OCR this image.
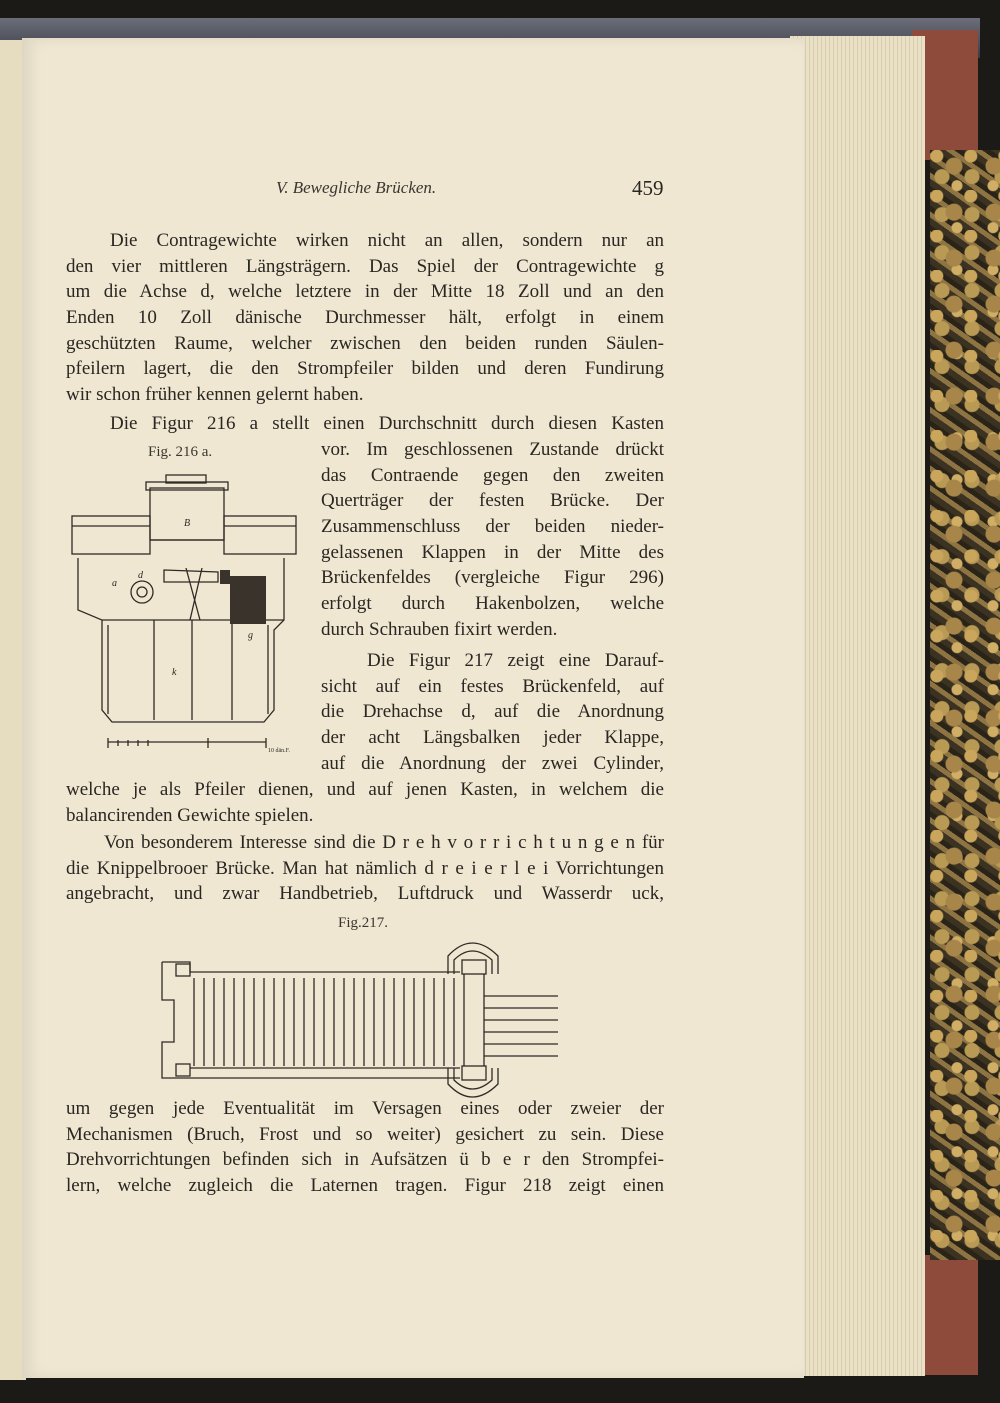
V. Bewegliche Brücken.	459
Die Contragewichte wirken nicht an allen, sondern nur an
den vier mittleren Längsträgern. Das Spiel der Contragewichte g
um die Achse d, welche letztere in der Mitte 18 Zoll und an den
Enden 10 Zoll dänische Durchmesser hält, erfolgt in einem
geschützten Raume, welcher zwischen den beiden runden Säulen-
pfeilern lagert, die den Strompfeiler bilden und deren Fundirung
wir schon früher kennen gelernt haben.
Die Figur 216 a stellt einen Durchschnitt durch diesen Kasten
Fig. 216 a.	vor. Im geschlossenen Zustande drückt
das Contraende gegen den zweiten
Querträger der festen Brücke. Der
Zusammenschluss der beiden nieder-
gelassenen Klappen in der Mitte des
Brückenfeldes (vergleiche Figur 296)
erfolgt durch Hakenbolzen, welche
durch Schrauben fixirt werden.
Die Figur 217 zeigt eine Darauf-
sicht auf ein festes Brückenfeld, auf
die Drehachse d, auf die Anordnung
der acht Längsbalken jeder Klappe,
auf die Anordnung der zwei Cylinder,
welche je als Pfeiler dienen, und auf jenen Kasten, in welchem die
balancirenden Gewichte spielen.
Von besonderem Interesse sind die D r e h v o r r i c h t u n g e n für
die Knippelbrooer Brücke. Man hat nämlich d r e i e r l e i Vorrichtungen
angebracht, und zwar Handbetrieb, Luftdruck und Wasserdr uck,
Fig.217.
um gegen jede Eventualität im Versagen eines oder zweier der
Mechanismen (Bruch, Frost und so weiter) gesichert zu sein. Diese
Drehvorrichtungen befinden sich in Aufsätzen ü b e r den Strompfei-
lern, welche zugleich die Laternen tragen. Figur 218 zeigt einen
B
a
d
g
k
10 dän.F.
